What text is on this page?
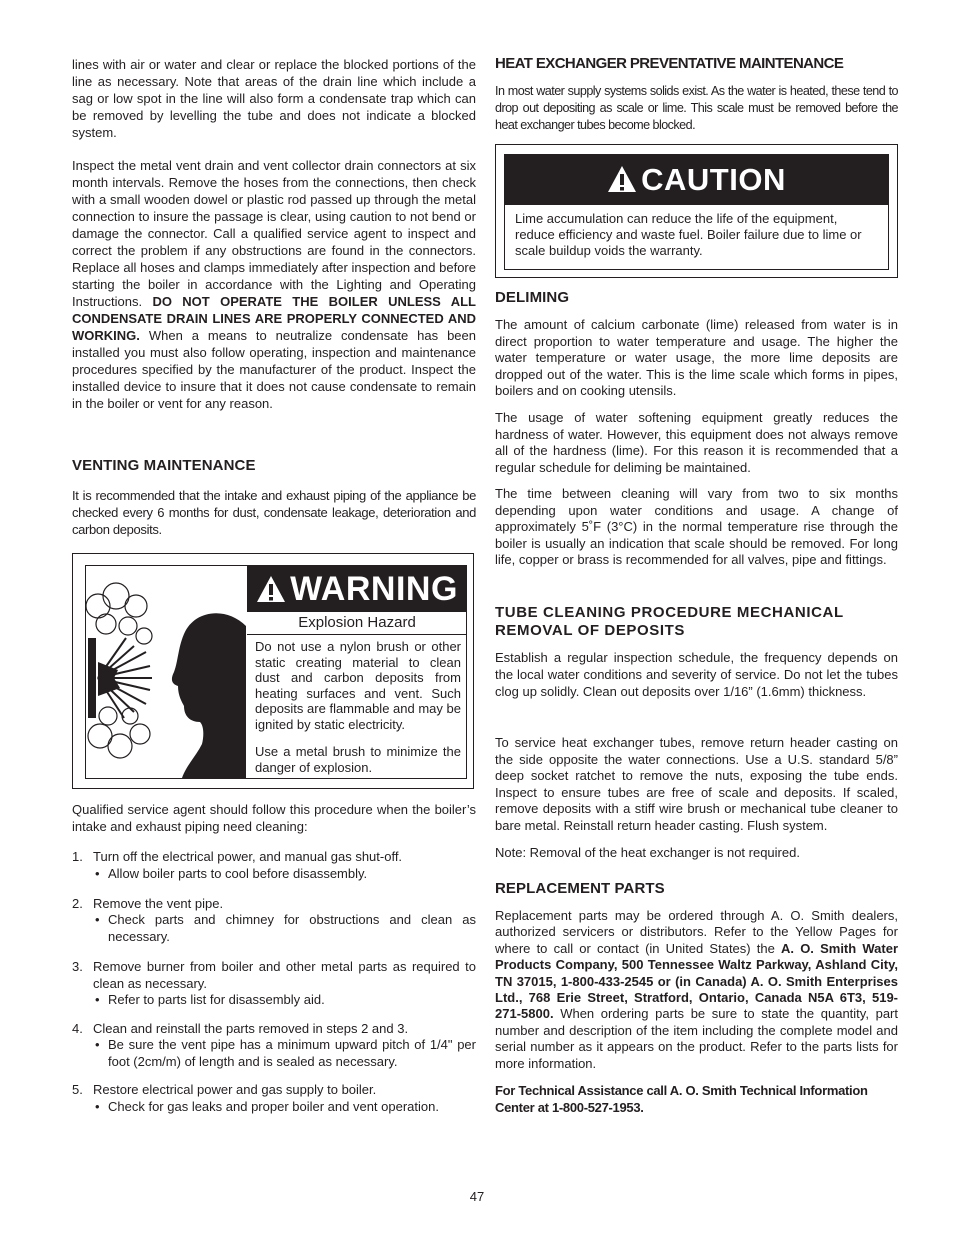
lines with air or water and clear or replace the blocked portions of the line as necessary. Note that areas of the drain line which include a sag or low spot in the line will also form a condensate trap which can be removed by levelling the tube and does not indicate a blocked system.

Inspect the metal vent drain and vent collector drain connectors at six month intervals. Remove the hoses from the connections, then check with a small wooden dowel or plastic rod passed up through the metal connection to insure the passage is clear, using caution to not bend or damage the connector. Call a qualified service agent to inspect and correct the problem if any obstructions are found in the connectors. Replace all hoses and clamps immediately after inspection and before starting the boiler in accordance with the Lighting and Operating Instructions. DO NOT OPERATE THE BOILER UNLESS ALL CONDENSATE DRAIN LINES ARE PROPERLY CONNECTED AND WORKING. When a means to neutralize condensate has been installed you must also follow operating, inspection and maintenance procedures specified by the manufacturer of the product. Inspect the installed device to insure that it does not cause condensate to remain in the boiler or vent for any reason.

VENTING MAINTENANCE

It is recommended that the intake and exhaust piping of the appliance be checked every 6 months for dust, condensate leakage, deterioration and carbon deposits.

WARNING
Explosion Hazard
Do not use a nylon brush or other static creating material to clean dust and carbon deposits from heating surfaces and vent. Such deposits are flammable and may be ignited by static electricity.
Use a metal brush to minimize the danger of explosion.

Qualified service agent should follow this procedure when the boiler’s intake and exhaust piping need cleaning:

1. Turn off the electrical power, and manual gas shut-off.
• Allow boiler parts to cool before disassembly.
2. Remove the vent pipe.
• Check parts and chimney for obstructions and clean as necessary.
3. Remove burner from boiler and other metal parts as required to clean as necessary.
• Refer to parts list for disassembly aid.
4. Clean and reinstall the parts removed in steps 2 and 3.
• Be sure the vent pipe has a minimum upward pitch of 1/4" per foot (2cm/m) of length and is sealed as necessary.
5. Restore electrical power and gas supply to boiler.
• Check for gas leaks and proper boiler and vent operation.
HEAT EXCHANGER PREVENTATIVE MAINTENANCE

In most water supply systems solids exist. As the water is heated, these tend to drop out depositing as scale or lime. This scale must be removed before the heat exchanger tubes become blocked.

CAUTION
Lime accumulation can reduce the life of the equipment, reduce efficiency and waste fuel. Boiler failure due to lime or scale buildup voids the warranty.
DELIMING

The amount of calcium carbonate (lime) released from water is in direct proportion to water temperature and usage. The higher the water temperature or water usage, the more lime deposits are dropped out of the water. This is the lime scale which forms in pipes, boilers and on cooking utensils.

The usage of water softening equipment greatly reduces the hardness of water. However, this equipment does not always remove all of the hardness (lime). For this reason it is recommended that a regular schedule for deliming be maintained.

The time between cleaning will vary from two to six months depending upon water conditions and usage. A change of approximately 5˚F (3°C) in the normal temperature rise through the boiler is usually an indication that scale should be removed. For long life, copper or brass is recommended for all valves, pipe and fittings.

TUBE CLEANING PROCEDURE MECHANICAL REMOVAL OF DEPOSITS

Establish a regular inspection schedule, the frequency depends on the local water conditions and severity of service. Do not let the tubes clog up solidly. Clean out deposits over 1/16” (1.6mm) thickness.

To service heat exchanger tubes, remove return header casting on the side opposite the water connections. Use a U.S. standard 5/8” deep socket ratchet to remove the nuts, exposing the tube ends. Inspect to ensure tubes are free of scale and deposits. If scaled, remove deposits with a stiff wire brush or mechanical tube cleaner to bare metal. Reinstall return header casting. Flush system.

Note: Removal of the heat exchanger is not required.

REPLACEMENT PARTS

Replacement parts may be ordered through A. O. Smith dealers, authorized servicers or distributors. Refer to the Yellow Pages for where to call or contact (in United States) the A. O. Smith Water Products Company, 500 Tennessee Waltz Parkway, Ashland City, TN 37015, 1-800-433-2545 or (in Canada) A. O. Smith Enterprises Ltd., 768 Erie Street, Stratford, Ontario, Canada N5A 6T3, 519-271-5800. When ordering parts be sure to state the quantity, part number and description of the item including the complete model and serial number as it appears on the product. Refer to the parts lists for more information.

For Technical Assistance call A. O. Smith Technical Information Center at 1-800-527-1953.

47
